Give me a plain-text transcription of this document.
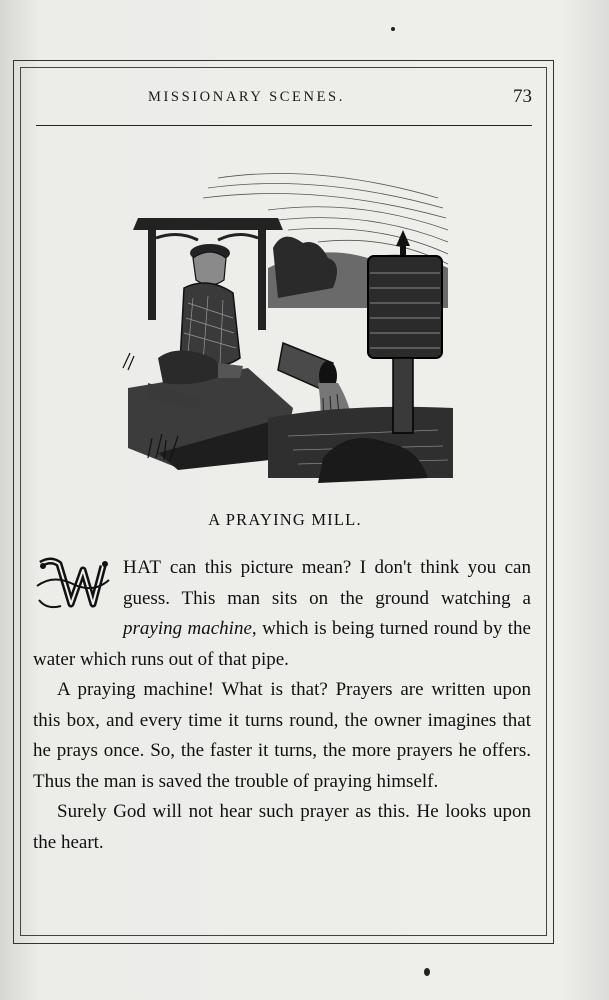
MISSIONARY SCENES.	73
A PRAYING MILL.

HAT can this picture mean? I don't think you can guess. This man sits on the ground watching a praying machine, which is being turned round by the water which runs out of that pipe.

A praying machine! What is that? Prayers are written upon this box, and every time it turns round, the owner imagines that he prays once. So, the faster it turns, the more prayers he offers. Thus the man is saved the trouble of praying himself.

Surely God will not hear such prayer as this. He looks upon the heart.
